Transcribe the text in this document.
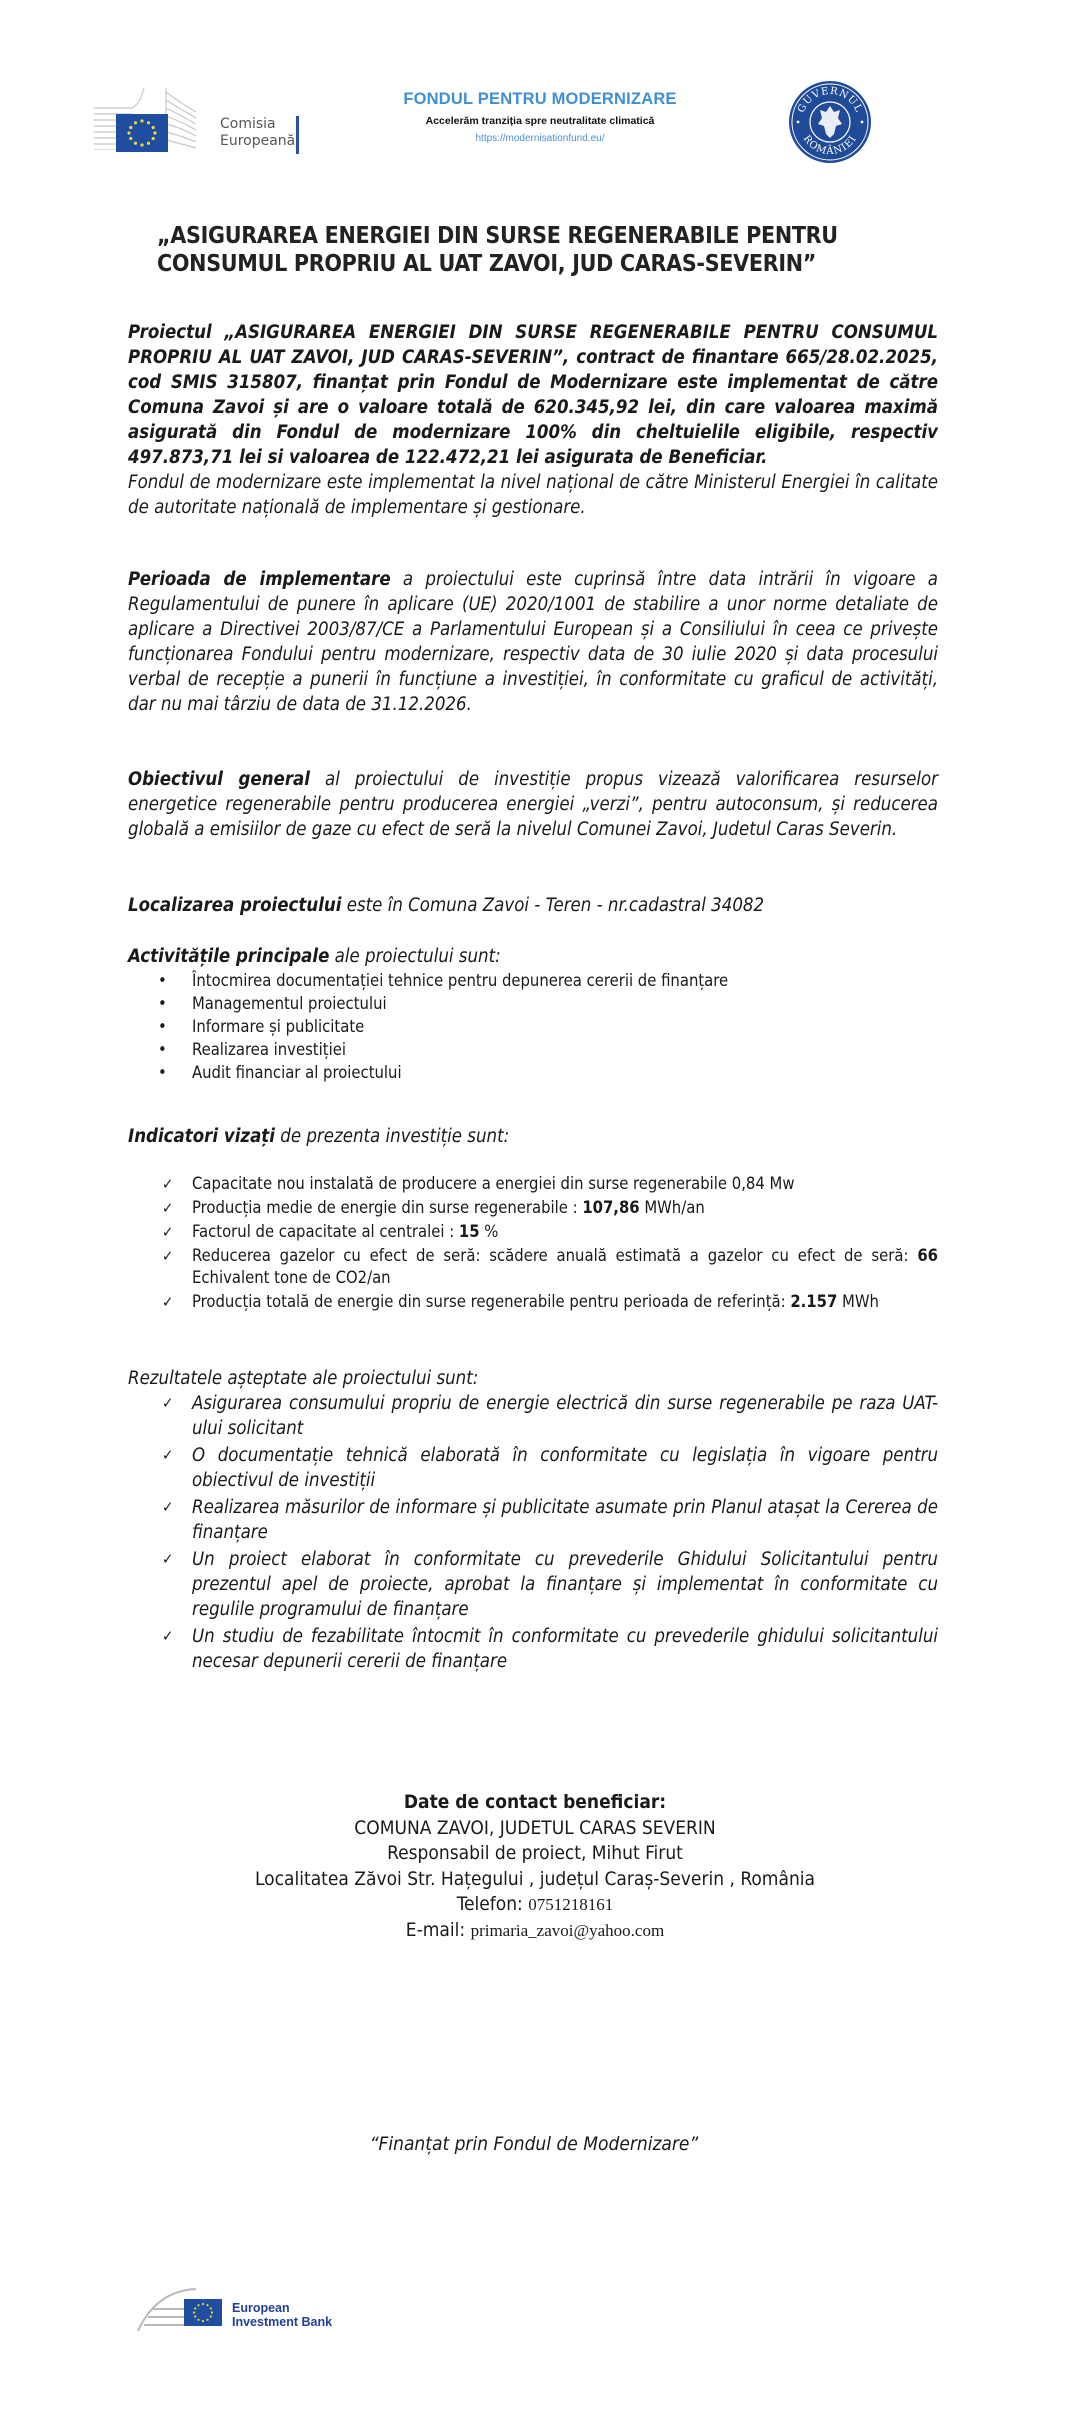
Comisia
Europeană
FONDUL PENTRU MODERNIZARE
Accelerăm tranziția spre neutralitate climatică
https://modernisationfund.eu/
GUVERNUL
ROMÂNIEI
„ASIGURAREA ENERGIEI DIN SURSE REGENERABILE PENTRU
CONSUMUL PROPRIU AL UAT ZAVOI, JUD CARAS-SEVERIN”
Proiectul „ASIGURAREA ENERGIEI DIN SURSE REGENERABILE PENTRU CONSUMUL PROPRIU AL UAT ZAVOI, JUD CARAS-SEVERIN”, contract de finantare 665/28.02.2025, cod SMIS 315807, finanțat prin Fondul de Modernizare este implementat de către Comuna Zavoi și are o valoare totală de 620.345,92 lei, din care valoarea maximă asigurată din Fondul de modernizare 100% din cheltuielile eligibile, respectiv 497.873,71 lei si valoarea de 122.472,21 lei asigurata de Beneficiar.
Fondul de modernizare este implementat la nivel național de către Ministerul Energiei în calitate de autoritate națională de implementare și gestionare.
Perioada de implementare a proiectului este cuprinsă între data intrării în vigoare a Regulamentului de punere în aplicare (UE) 2020/1001 de stabilire a unor norme detaliate de aplicare a Directivei 2003/87/CE a Parlamentului European și a Consiliului în ceea ce privește funcționarea Fondului pentru modernizare, respectiv data de 30 iulie 2020 și data procesului verbal de recepție a punerii în funcțiune a investiției, în conformitate cu graficul de activități, dar nu mai târziu de data de 31.12.2026.
Obiectivul general al proiectului de investiție propus vizează valorificarea resurselor energetice regenerabile pentru producerea energiei „verzi”, pentru autoconsum, și reducerea globală a emisiilor de gaze cu efect de seră la nivelul Comunei Zavoi, Judetul Caras Severin.
Localizarea proiectului este în Comuna Zavoi - Teren - nr.cadastral 34082
Activitățile principale ale proiectului sunt:
• Întocmirea documentației tehnice pentru depunerea cererii de finanțare
• Managementul proiectului
• Informare și publicitate
• Realizarea investiției
• Audit financiar al proiectului
Indicatori vizați de prezenta investiție sunt:
✓ Capacitate nou instalată de producere a energiei din surse regenerabile 0,84 Mw
✓ Producția medie de energie din surse regenerabile : 107,86 MWh/an
✓ Factorul de capacitate al centralei : 15 %
✓ Reducerea gazelor cu efect de seră: scădere anuală estimată a gazelor cu efect de seră: 66 Echivalent tone de CO2/an
✓ Producția totală de energie din surse regenerabile pentru perioada de referință: 2.157 MWh
Rezultatele așteptate ale proiectului sunt:
✓ Asigurarea consumului propriu de energie electrică din surse regenerabile pe raza UAT-ului solicitant
✓ O documentație tehnică elaborată în conformitate cu legislația în vigoare pentru obiectivul de investiții
✓ Realizarea măsurilor de informare și publicitate asumate prin Planul atașat la Cererea de finanțare
✓ Un proiect elaborat în conformitate cu prevederile Ghidului Solicitantului pentru prezentul apel de proiecte, aprobat la finanțare și implementat în conformitate cu regulile programului de finanțare
✓ Un studiu de fezabilitate întocmit în conformitate cu prevederile ghidului solicitantului necesar depunerii cererii de finanțare
Date de contact beneficiar:
COMUNA ZAVOI, JUDETUL CARAS SEVERIN
Responsabil de proiect, Mihut Firut
Localitatea Zăvoi Str. Hațegului , județul Caraș-Severin , România
Telefon: 0751218161
E-mail: primaria_zavoi@yahoo.com
“Finanțat prin Fondul de Modernizare”
European
Investment Bank
